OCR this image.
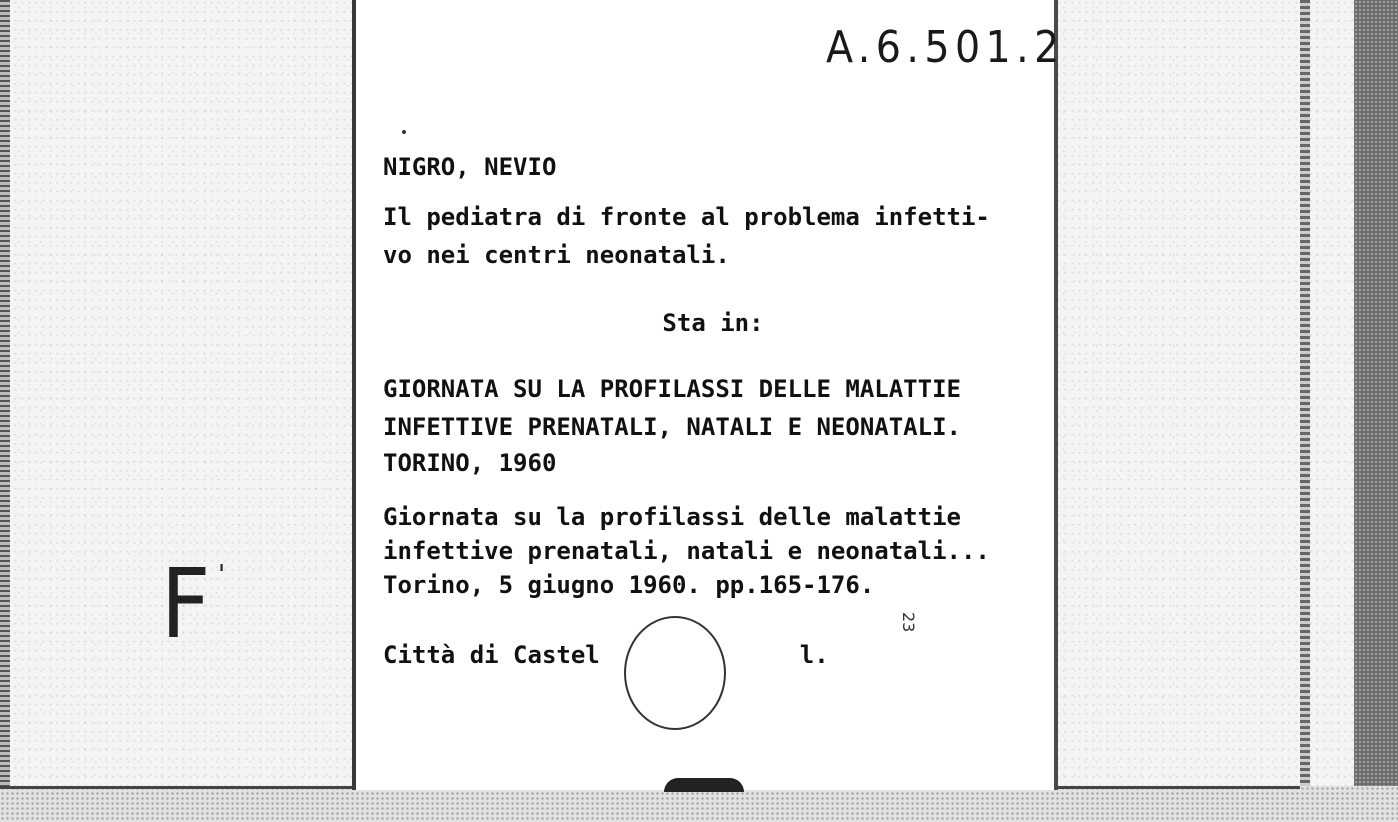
A.6.501.2
NIGRO, NEVIO
Il pediatra di fronte al problema infetti-
vo nei centri neonatali.
Sta in:
GIORNATA SU LA PROFILASSI DELLE MALATTIE
INFETTIVE PRENATALI, NATALI E NEONATALI.
TORINO, 1960
Giornata su la profilassi delle malattie
infettive prenatali, natali e neonatali...
Torino, 5 giugno 1960. pp.165-176.
Città di Castel	l.
F '
23
